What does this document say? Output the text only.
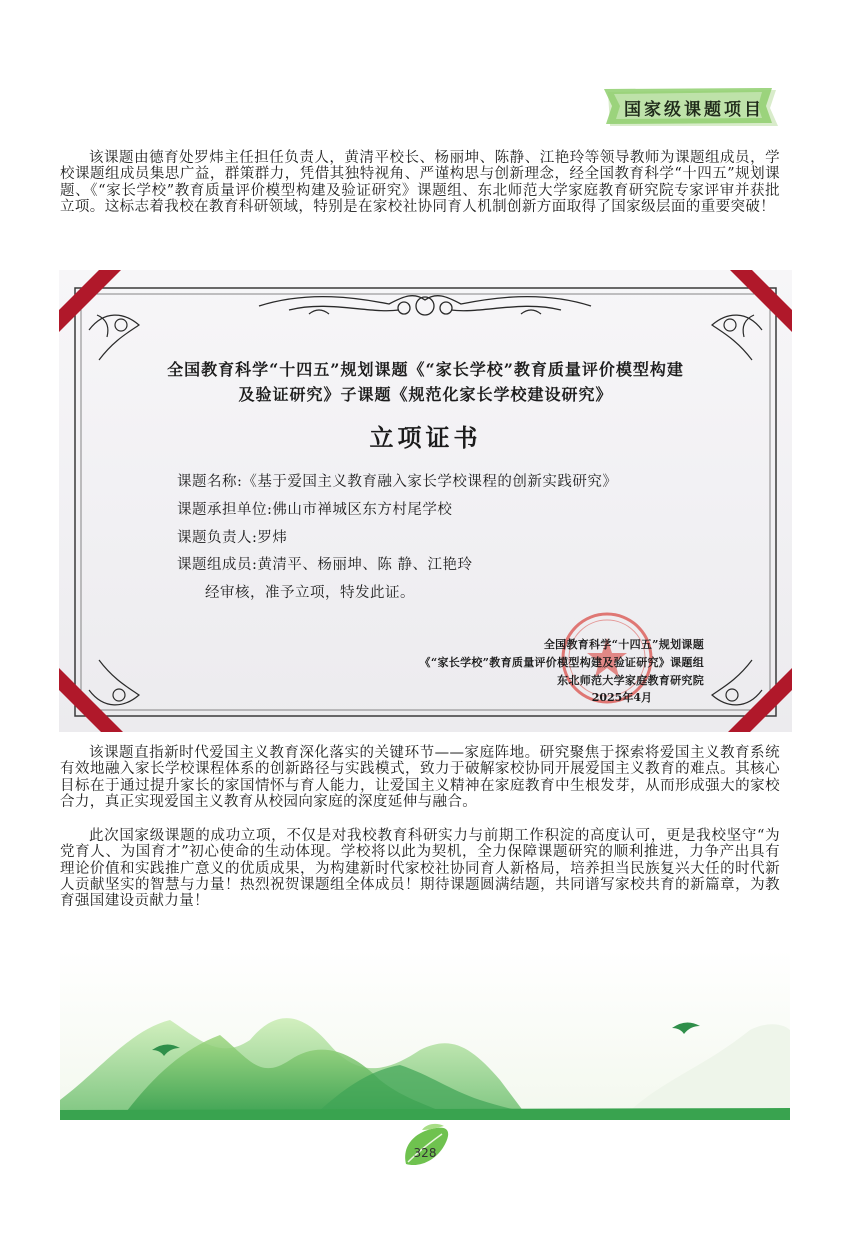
国家级课题项目

该课题由德育处罗炜主任担任负责人，黄清平校长、杨丽坤、陈静、江艳玲等领导教师为课题组成员，学校课题组成员集思广益，群策群力，凭借其独特视角、严谨构思与创新理念，经全国教育科学“十四五”规划课题、《“家长学校”教育质量评价模型构建及验证研究》课题组、东北师范大学家庭教育研究院专家评审并获批立项。这标志着我校在教育科研领域，特别是在家校社协同育人机制创新方面取得了国家级层面的重要突破！

全国教育科学“十四五”规划课题《“家长学校”教育质量评价模型构建
及验证研究》子课题《规范化家长学校建设研究》
立项证书
课题名称:《基于爱国主义教育融入家长学校课程的创新实践研究》
课题承担单位:佛山市禅城区东方村尾学校
课题负责人:罗炜
课题组成员:黄清平、杨丽坤、陈 静、江艳玲
经审核，准予立项，特发此证。
全国教育科学“十四五”规划课题
《“家长学校”教育质量评价模型构建及验证研究》课题组
东北师范大学家庭教育研究院
2025年4月

该课题直指新时代爱国主义教育深化落实的关键环节——家庭阵地。研究聚焦于探索将爱国主义教育系统有效地融入家长学校课程体系的创新路径与实践模式，致力于破解家校协同开展爱国主义教育的难点。其核心目标在于通过提升家长的家国情怀与育人能力，让爱国主义精神在家庭教育中生根发芽，从而形成强大的家校合力，真正实现爱国主义教育从校园向家庭的深度延伸与融合。

此次国家级课题的成功立项，不仅是对我校教育科研实力与前期工作积淀的高度认可，更是我校坚守“为党育人、为国育才”初心使命的生动体现。学校将以此为契机，全力保障课题研究的顺利推进，力争产出具有理论价值和实践推广意义的优质成果，为构建新时代家校社协同育人新格局，培养担当民族复兴大任的时代新人贡献坚实的智慧与力量！热烈祝贺课题组全体成员！期待课题圆满结题，共同谱写家校共育的新篇章，为教育强国建设贡献力量！

328
